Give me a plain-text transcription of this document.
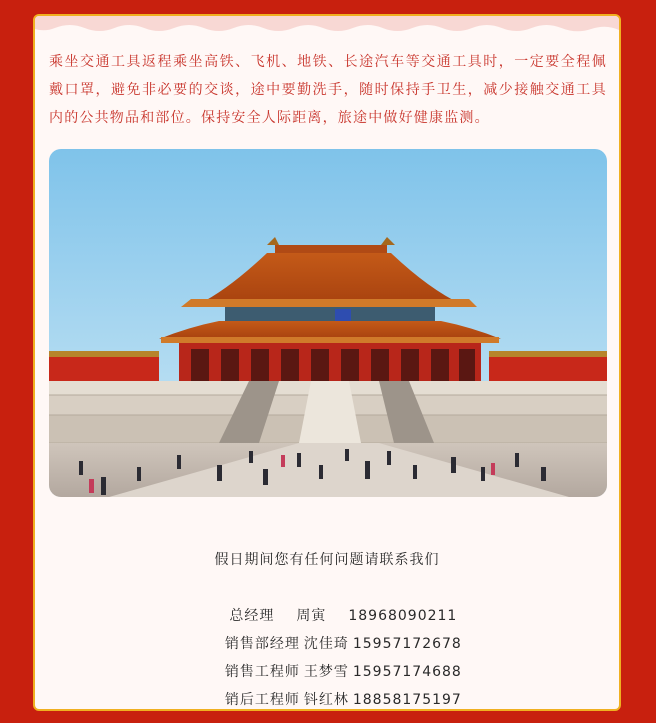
乘坐交通工具返程乘坐高铁、飞机、地铁、长途汽车等交通工具时，一定要全程佩戴口罩，避免非必要的交谈，途中要勤洗手，随时保持手卫生，减少接触交通工具内的公共物品和部位。保持安全人际距离，旅途中做好健康监测。

假日期间您有任何问题请联系我们

总经理 周寅 18968090211

销售部经理 沈佳琦 15957172678

销售工程师 王梦雪 15957174688

销后工程师 钭红林 18858175197
